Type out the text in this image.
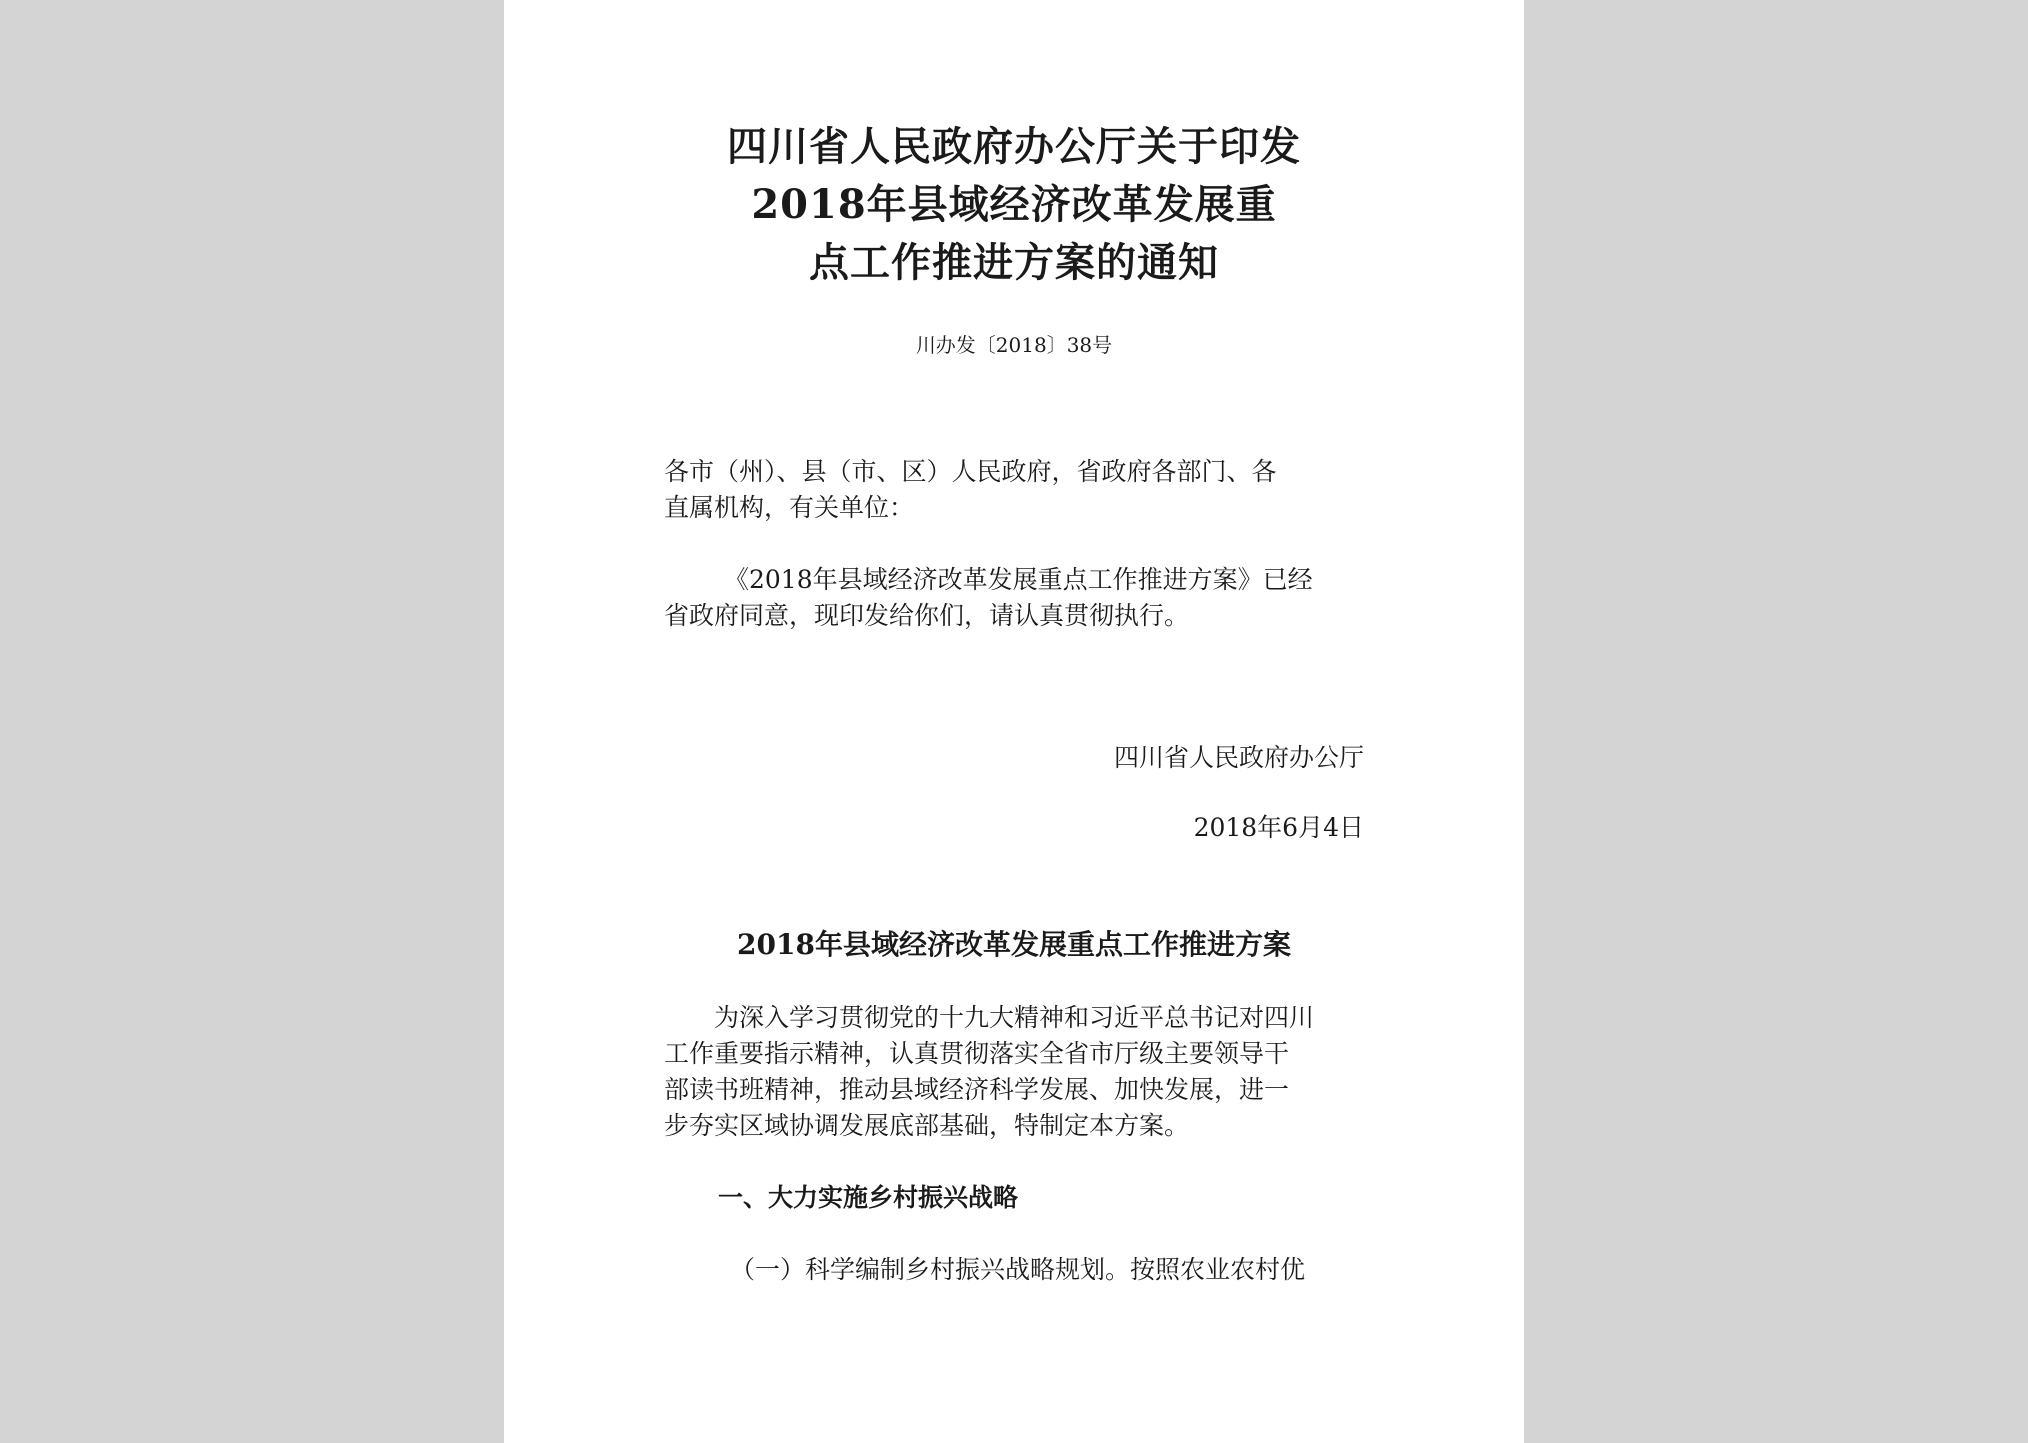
四川省人民政府办公厅关于印发
2018年县域经济改革发展重
点工作推进方案的通知
川办发〔2018〕38号
各市（州）、县（市、区）人民政府，省政府各部门、各
直属机构，有关单位：
《2018年县域经济改革发展重点工作推进方案》已经
省政府同意，现印发给你们，请认真贯彻执行。
四川省人民政府办公厅
2018年6月4日
2018年县域经济改革发展重点工作推进方案
为深入学习贯彻党的十九大精神和习近平总书记对四川
工作重要指示精神，认真贯彻落实全省市厅级主要领导干
部读书班精神，推动县域经济科学发展、加快发展，进一
步夯实区域协调发展底部基础，特制定本方案。
一、大力实施乡村振兴战略
（一）科学编制乡村振兴战略规划。按照农业农村优
